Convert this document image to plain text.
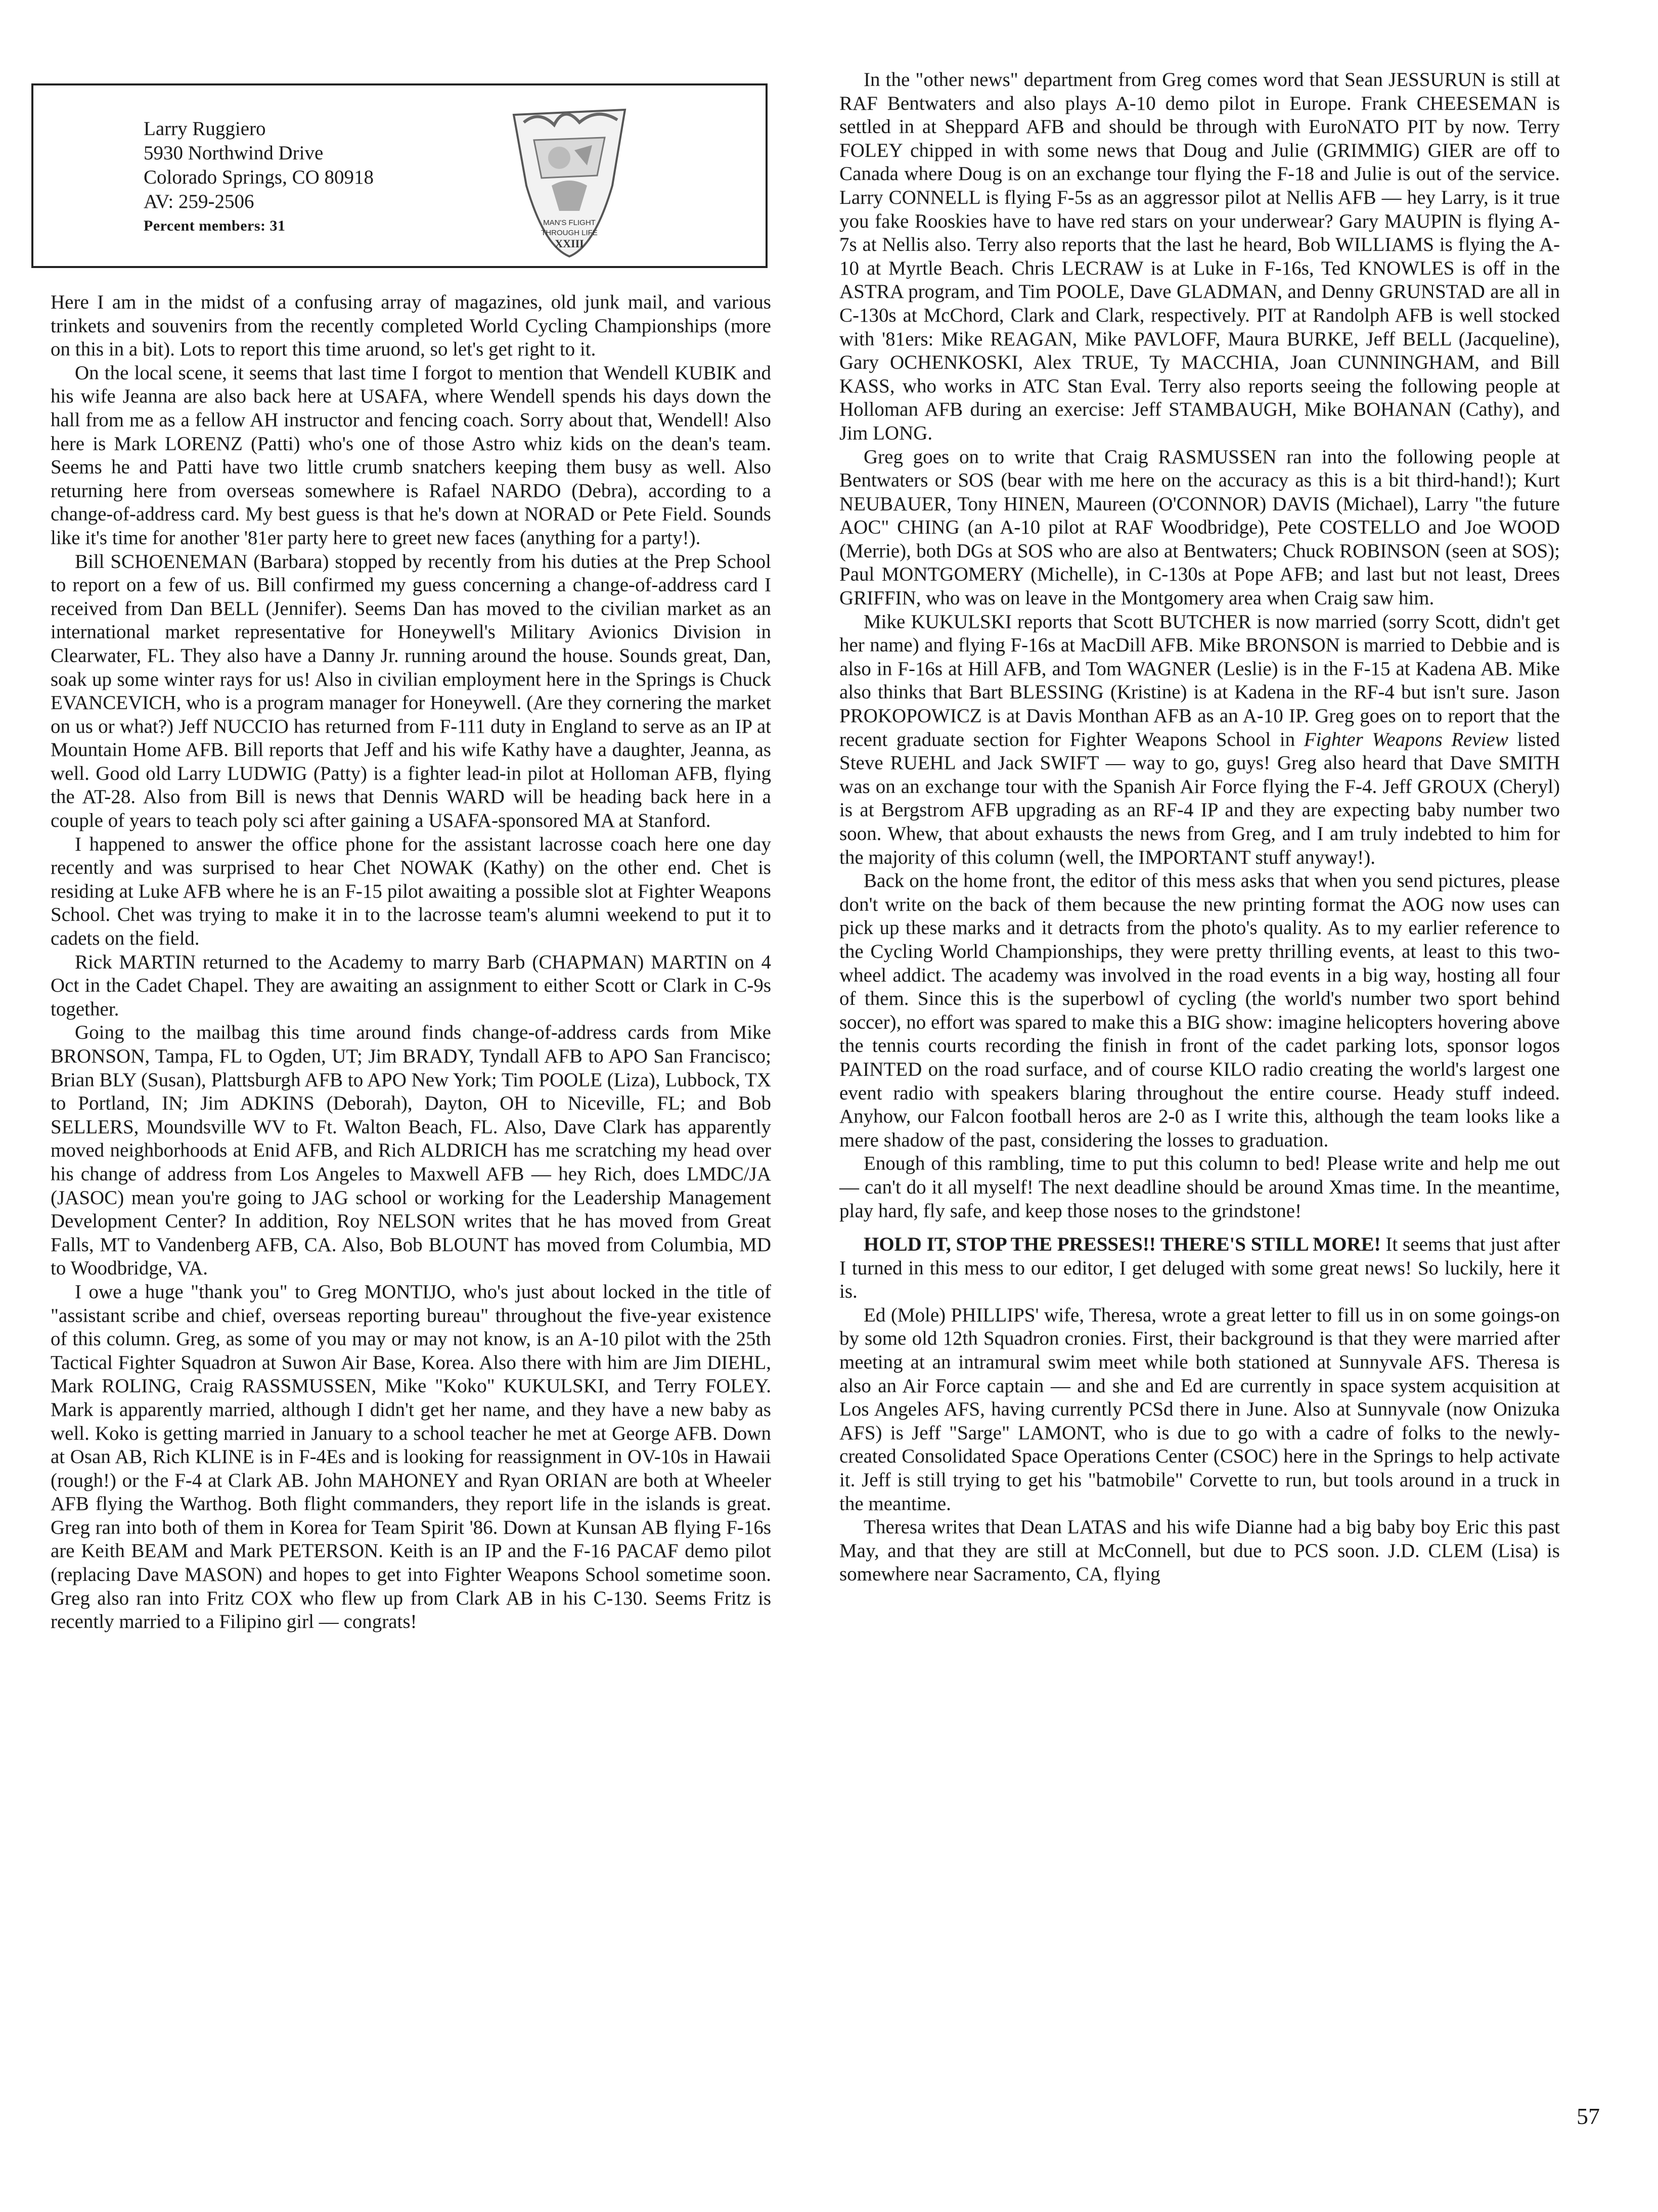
Larry Ruggiero
5930 Northwind Drive
Colorado Springs, CO 80918
AV: 259-2506
Percent members: 31	MAN'S FLIGHT
THROUGH LIFE
XXIII

Here I am in the midst of a confusing array of magazines, old junk mail, and various trinkets and souvenirs from the recently completed World Cycling Championships (more on this in a bit). Lots to report this time aruond, so let's get right to it.

On the local scene, it seems that last time I forgot to mention that Wendell KUBIK and his wife Jeanna are also back here at USAFA, where Wendell spends his days down the hall from me as a fellow AH instructor and fencing coach. Sorry about that, Wendell! Also here is Mark LORENZ (Patti) who's one of those Astro whiz kids on the dean's team. Seems he and Patti have two little crumb snatchers keeping them busy as well. Also returning here from overseas somewhere is Rafael NARDO (Debra), according to a change-of-address card. My best guess is that he's down at NORAD or Pete Field. Sounds like it's time for another '81er party here to greet new faces (anything for a party!).

Bill SCHOENEMAN (Barbara) stopped by recently from his duties at the Prep School to report on a few of us. Bill confirmed my guess concerning a change-of-address card I received from Dan BELL (Jennifer). Seems Dan has moved to the civilian market as an international market representative for Honeywell's Military Avionics Division in Clearwater, FL. They also have a Danny Jr. running around the house. Sounds great, Dan, soak up some winter rays for us! Also in civilian employment here in the Springs is Chuck EVANCEVICH, who is a program manager for Honeywell. (Are they cornering the market on us or what?) Jeff NUCCIO has returned from F-111 duty in England to serve as an IP at Mountain Home AFB. Bill reports that Jeff and his wife Kathy have a daughter, Jeanna, as well. Good old Larry LUDWIG (Patty) is a fighter lead-in pilot at Holloman AFB, flying the AT-28. Also from Bill is news that Dennis WARD will be heading back here in a couple of years to teach poly sci after gaining a USAFA-sponsored MA at Stanford.

I happened to answer the office phone for the assistant lacrosse coach here one day recently and was surprised to hear Chet NOWAK (Kathy) on the other end. Chet is residing at Luke AFB where he is an F-15 pilot awaiting a possible slot at Fighter Weapons School. Chet was trying to make it in to the lacrosse team's alumni weekend to put it to cadets on the field.

Rick MARTIN returned to the Academy to marry Barb (CHAPMAN) MARTIN on 4 Oct in the Cadet Chapel. They are awaiting an assignment to either Scott or Clark in C-9s together.

Going to the mailbag this time around finds change-of-address cards from Mike BRONSON, Tampa, FL to Ogden, UT; Jim BRADY, Tyndall AFB to APO San Francisco; Brian BLY (Susan), Plattsburgh AFB to APO New York; Tim POOLE (Liza), Lubbock, TX to Portland, IN; Jim ADKINS (Deborah), Dayton, OH to Niceville, FL; and Bob SELLERS, Moundsville WV to Ft. Walton Beach, FL. Also, Dave Clark has apparently moved neighborhoods at Enid AFB, and Rich ALDRICH has me scratching my head over his change of address from Los Angeles to Maxwell AFB — hey Rich, does LMDC/JA (JASOC) mean you're going to JAG school or working for the Leadership Management Development Center? In addition, Roy NELSON writes that he has moved from Great Falls, MT to Vandenberg AFB, CA. Also, Bob BLOUNT has moved from Columbia, MD to Woodbridge, VA.

I owe a huge "thank you" to Greg MONTIJO, who's just about locked in the title of "assistant scribe and chief, overseas reporting bureau" throughout the five-year existence of this column. Greg, as some of you may or may not know, is an A-10 pilot with the 25th Tactical Fighter Squadron at Suwon Air Base, Korea. Also there with him are Jim DIEHL, Mark ROLING, Craig RASSMUSSEN, Mike "Koko" KUKULSKI, and Terry FOLEY. Mark is apparently married, although I didn't get her name, and they have a new baby as well. Koko is getting married in January to a school teacher he met at George AFB. Down at Osan AB, Rich KLINE is in F-4Es and is looking for reassignment in OV-10s in Hawaii (rough!) or the F-4 at Clark AB. John MAHONEY and Ryan ORIAN are both at Wheeler AFB flying the Warthog. Both flight commanders, they report life in the islands is great. Greg ran into both of them in Korea for Team Spirit '86. Down at Kunsan AB flying F-16s are Keith BEAM and Mark PETERSON. Keith is an IP and the F-16 PACAF demo pilot (replacing Dave MASON) and hopes to get into Fighter Weapons School sometime soon. Greg also ran into Fritz COX who flew up from Clark AB in his C-130. Seems Fritz is recently married to a Filipino girl — congrats!

In the "other news" department from Greg comes word that Sean JESSURUN is still at RAF Bentwaters and also plays A-10 demo pilot in Europe. Frank CHEESEMAN is settled in at Sheppard AFB and should be through with EuroNATO PIT by now. Terry FOLEY chipped in with some news that Doug and Julie (GRIMMIG) GIER are off to Canada where Doug is on an exchange tour flying the F-18 and Julie is out of the service. Larry CONNELL is flying F-5s as an aggressor pilot at Nellis AFB — hey Larry, is it true you fake Rooskies have to have red stars on your underwear? Gary MAUPIN is flying A-7s at Nellis also. Terry also reports that the last he heard, Bob WILLIAMS is flying the A-10 at Myrtle Beach. Chris LECRAW is at Luke in F-16s, Ted KNOWLES is off in the ASTRA program, and Tim POOLE, Dave GLADMAN, and Denny GRUNSTAD are all in C-130s at McChord, Clark and Clark, respectively. PIT at Randolph AFB is well stocked with '81ers: Mike REAGAN, Mike PAVLOFF, Maura BURKE, Jeff BELL (Jacqueline), Gary OCHENKOSKI, Alex TRUE, Ty MACCHIA, Joan CUNNINGHAM, and Bill KASS, who works in ATC Stan Eval. Terry also reports seeing the following people at Holloman AFB during an exercise: Jeff STAMBAUGH, Mike BOHANAN (Cathy), and Jim LONG.

Greg goes on to write that Craig RASMUSSEN ran into the following people at Bentwaters or SOS (bear with me here on the accuracy as this is a bit third-hand!); Kurt NEUBAUER, Tony HINEN, Maureen (O'CONNOR) DAVIS (Michael), Larry "the future AOC" CHING (an A-10 pilot at RAF Woodbridge), Pete COSTELLO and Joe WOOD (Merrie), both DGs at SOS who are also at Bentwaters; Chuck ROBINSON (seen at SOS); Paul MONTGOMERY (Michelle), in C-130s at Pope AFB; and last but not least, Drees GRIFFIN, who was on leave in the Montgomery area when Craig saw him.

Mike KUKULSKI reports that Scott BUTCHER is now married (sorry Scott, didn't get her name) and flying F-16s at MacDill AFB. Mike BRONSON is married to Debbie and is also in F-16s at Hill AFB, and Tom WAGNER (Leslie) is in the F-15 at Kadena AB. Mike also thinks that Bart BLESSING (Kristine) is at Kadena in the RF-4 but isn't sure. Jason PROKOPOWICZ is at Davis Monthan AFB as an A-10 IP. Greg goes on to report that the recent graduate section for Fighter Weapons School in Fighter Weapons Review listed Steve RUEHL and Jack SWIFT — way to go, guys! Greg also heard that Dave SMITH was on an exchange tour with the Spanish Air Force flying the F-4. Jeff GROUX (Cheryl) is at Bergstrom AFB upgrading as an RF-4 IP and they are expecting baby number two soon. Whew, that about exhausts the news from Greg, and I am truly indebted to him for the majority of this column (well, the IMPORTANT stuff anyway!).

Back on the home front, the editor of this mess asks that when you send pictures, please don't write on the back of them because the new printing format the AOG now uses can pick up these marks and it detracts from the photo's quality. As to my earlier reference to the Cycling World Championships, they were pretty thrilling events, at least to this two-wheel addict. The academy was involved in the road events in a big way, hosting all four of them. Since this is the superbowl of cycling (the world's number two sport behind soccer), no effort was spared to make this a BIG show: imagine helicopters hovering above the tennis courts recording the finish in front of the cadet parking lots, sponsor logos PAINTED on the road surface, and of course KILO radio creating the world's largest one event radio with speakers blaring throughout the entire course. Heady stuff indeed. Anyhow, our Falcon football heros are 2-0 as I write this, although the team looks like a mere shadow of the past, considering the losses to graduation.

Enough of this rambling, time to put this column to bed! Please write and help me out — can't do it all myself! The next deadline should be around Xmas time. In the meantime, play hard, fly safe, and keep those noses to the grindstone!

HOLD IT, STOP THE PRESSES!! THERE'S STILL MORE! It seems that just after I turned in this mess to our editor, I get deluged with some great news! So luckily, here it is.

Ed (Mole) PHILLIPS' wife, Theresa, wrote a great letter to fill us in on some goings-on by some old 12th Squadron cronies. First, their background is that they were married after meeting at an intramural swim meet while both stationed at Sunnyvale AFS. Theresa is also an Air Force captain — and she and Ed are currently in space system acquisition at Los Angeles AFS, having currently PCSd there in June. Also at Sunnyvale (now Onizuka AFS) is Jeff "Sarge" LAMONT, who is due to go with a cadre of folks to the newly-created Consolidated Space Operations Center (CSOC) here in the Springs to help activate it. Jeff is still trying to get his "batmobile" Corvette to run, but tools around in a truck in the meantime.

Theresa writes that Dean LATAS and his wife Dianne had a big baby boy Eric this past May, and that they are still at McConnell, but due to PCS soon. J.D. CLEM (Lisa) is somewhere near Sacramento, CA, flying

57
